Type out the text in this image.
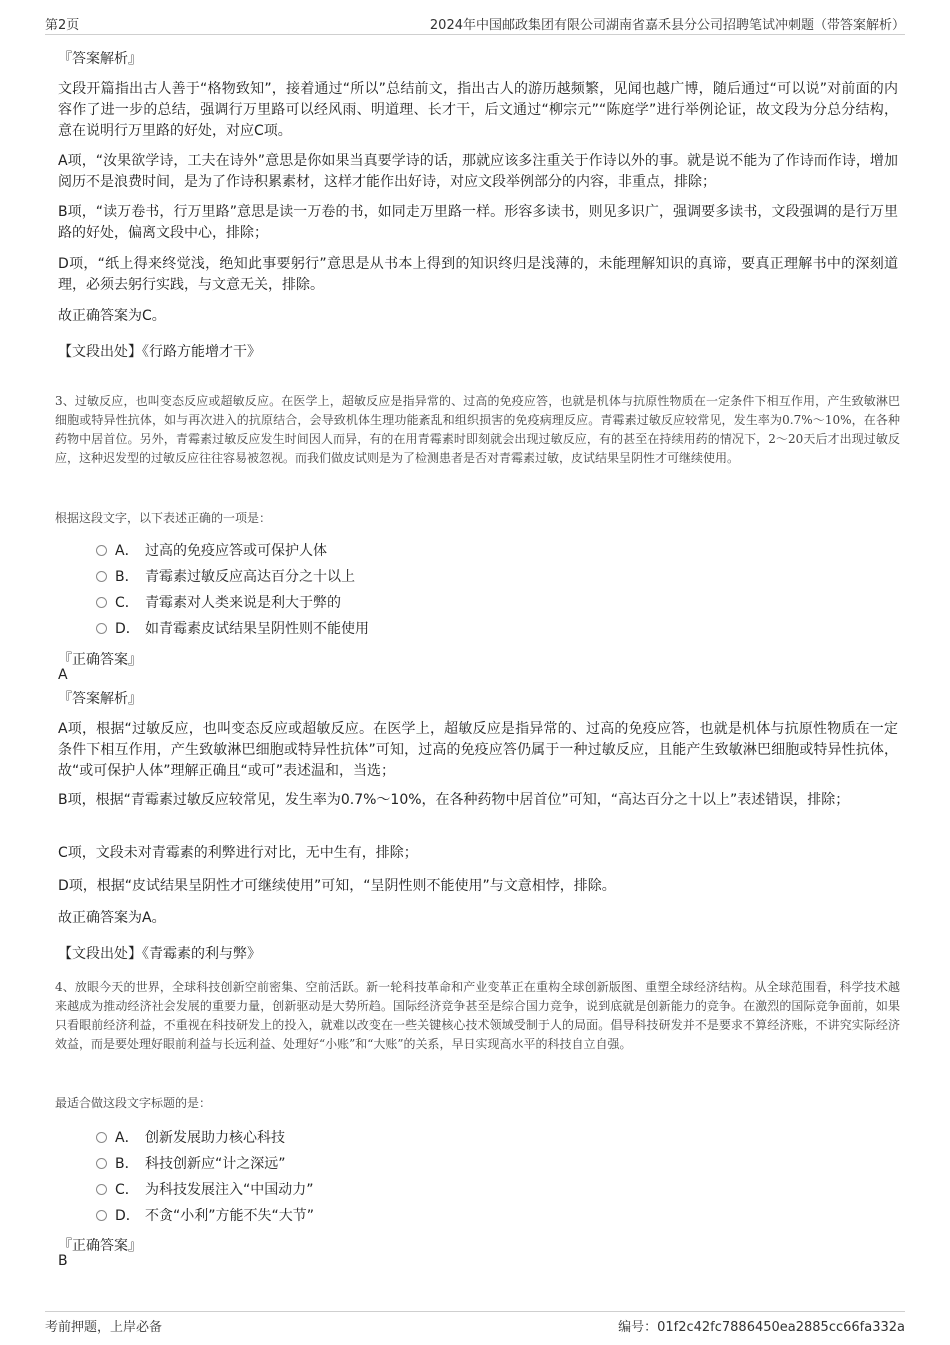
第2页	2024年中国邮政集团有限公司湖南省嘉禾县分公司招聘笔试冲刺题（带答案解析）
『答案解析』
文段开篇指出古人善于“格物致知”，接着通过“所以”总结前文，指出古人的游历越频繁，见闻也越广博，随后通过“可以说”对前面的内容作了进一步的总结，强调行万里路可以经风雨、明道理、长才干，后文通过“柳宗元”“陈庭学”进行举例论证，故文段为分总分结构，意在说明行万里路的好处，对应C项。
A项，“汝果欲学诗，工夫在诗外”意思是你如果当真要学诗的话，那就应该多注重关于作诗以外的事。就是说不能为了作诗而作诗，增加阅历不是浪费时间，是为了作诗积累素材，这样才能作出好诗，对应文段举例部分的内容，非重点，排除；
B项，“读万卷书，行万里路”意思是读一万卷的书，如同走万里路一样。形容多读书，则见多识广，强调要多读书，文段强调的是行万里路的好处，偏离文段中心，排除；
D项，“纸上得来终觉浅，绝知此事要躬行”意思是从书本上得到的知识终归是浅薄的，未能理解知识的真谛，要真正理解书中的深刻道理，必须去躬行实践，与文意无关，排除。
故正确答案为C。
【文段出处】《行路方能增才干》
3、过敏反应，也叫变态反应或超敏反应。在医学上，超敏反应是指异常的、过高的免疫应答，也就是机体与抗原性物质在一定条件下相互作用，产生致敏淋巴细胞或特异性抗体，如与再次进入的抗原结合，会导致机体生理功能紊乱和组织损害的免疫病理反应。青霉素过敏反应较常见，发生率为0.7%～10%，在各种药物中居首位。另外，青霉素过敏反应发生时间因人而异，有的在用青霉素时即刻就会出现过敏反应，有的甚至在持续用药的情况下，2～20天后才出现过敏反应，这种迟发型的过敏反应往往容易被忽视。而我们做皮试则是为了检测患者是否对青霉素过敏，皮试结果呈阴性才可继续使用。
根据这段文字，以下表述正确的一项是：
A． 过高的免疫应答或可保护人体
B． 青霉素过敏反应高达百分之十以上
C． 青霉素对人类来说是利大于弊的
D． 如青霉素皮试结果呈阴性则不能使用
『正确答案』
A
『答案解析』
A项，根据“过敏反应，也叫变态反应或超敏反应。在医学上，超敏反应是指异常的、过高的免疫应答，也就是机体与抗原性物质在一定条件下相互作用，产生致敏淋巴细胞或特异性抗体”可知，过高的免疫应答仍属于一种过敏反应，且能产生致敏淋巴细胞或特异性抗体，故“或可保护人体”理解正确且“或可”表述温和，当选；
B项，根据“青霉素过敏反应较常见，发生率为0.7%～10%，在各种药物中居首位”可知，“高达百分之十以上”表述错误，排除；
C项，文段未对青霉素的利弊进行对比，无中生有，排除；
D项，根据“皮试结果呈阴性才可继续使用”可知，“呈阴性则不能使用”与文意相悖，排除。
故正确答案为A。
【文段出处】《青霉素的利与弊》
4、放眼今天的世界，全球科技创新空前密集、空前活跃。新一轮科技革命和产业变革正在重构全球创新版图、重塑全球经济结构。从全球范围看，科学技术越来越成为推动经济社会发展的重要力量，创新驱动是大势所趋。国际经济竞争甚至是综合国力竞争，说到底就是创新能力的竞争。在激烈的国际竞争面前，如果只看眼前经济利益，不重视在科技研发上的投入，就难以改变在一些关键核心技术领域受制于人的局面。倡导科技研发并不是要求不算经济账，不讲究实际经济效益，而是要处理好眼前利益与长远利益、处理好“小账”和“大账”的关系，早日实现高水平的科技自立自强。
最适合做这段文字标题的是：
A． 创新发展助力核心科技
B． 科技创新应“计之深远”
C． 为科技发展注入“中国动力”
D． 不贪“小利”方能不失“大节”
『正确答案』
B
考前押题，上岸必备	编号：01f2c42fc7886450ea2885cc66fa332a
